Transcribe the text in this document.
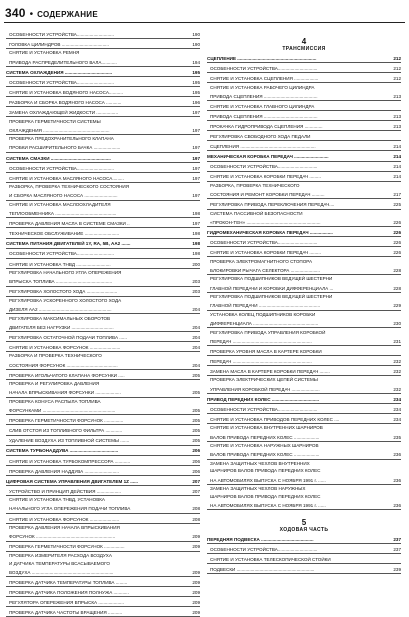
340 • СОДЕРЖАНИЕ
ОСОБЕННОСТИ УСТРОЙСТВА.............................	190
ГОЛОВКА ЦИЛИНДРОВ .....................................	190
СНЯТИЕ И УСТАНОВКА РЕМНЯ
ПРИВОДА РАСПРЕДЕЛИТЕЛЬНОГО ВАЛА............	194
СИСТЕМА ОХЛАЖДЕНИЯ .....................................	195
ОСОБЕННОСТИ УСТРОЙСТВА.............................	195
СНЯТИЕ И УСТАНОВКА ВОДЯНОГО НАСОСА...........	195
РАЗБОРКА И СБОРКА ВОДЯНОГО НАСОСА ............	196
ЗАМЕНА ОХЛАЖДАЮЩЕЙ ЖИДКОСТИ .................	197
ПРОВЕРКА ГЕРМЕТИЧНОСТИ СИСТЕМЫ
ОХЛАЖДЕНИЯ ....................................................	197
ПРОВЕРКА ПРЕДОХРАНИТЕЛЬНОГО КЛАПАНА
ПРОБКИ РАСШИРИТЕЛЬНОГО БАЧКА .....................	197
СИСТЕМА СМАЗКИ ...............................................	197
ОСОБЕННОСТИ УСТРОЙСТВА.............................	197
СНЯТИЕ И УСТАНОВКА МАСЛЯНОГО НАСОСА.........	197
РАЗБОРКА, ПРОВЕРКА ТЕХНИЧЕСКОГО СОСТОЯНИЯ
И СБОРКА МАСЛЯНОГО НАСОСА ..........................	197
СНЯТИЕ И УСТАНОВКА МАСЛООХЛАДИТЕЛЯ
ТЕПЛООБМЕННИКА ................................................	198
ПРОВЕРКА ДАВЛЕНИЯ МАСЛА В СИСТЕМЕ СМАЗКИ ..	197
ТЕХНИЧЕСКОЕ ОБСЛУЖИВАНИЕ ...........................	198
СИСТЕМА ПИТАНИЯ ДВИГАТЕЛЕЙ 1Y, RA, 5В, АА2 .......	198
ОСОБЕННОСТИ УСТРОЙСТВА.............................	198
СНЯТИЕ И УСТАНОВКА ТНВД ...........................	200
РЕГУЛИРОВКА НАЧАЛЬНОГО УГЛА ОПЕРЕЖЕНИЯ
ВПРЫСКА ТОПЛИВА ............................................	203
РЕГУЛИРОВКА ХОЛОСТОГО ХОДА ........................	203
РЕГУЛИРОВКА УСКОРЕННОГО ХОЛОСТОГО ХОДА
ДИЗЕЛЯ АА2 .........................................................	204
РЕГУЛИРОВКА МАКСИМАЛЬНЫХ ОБОРОТОВ
ДВИГАТЕЛЯ БЕЗ НАГРУЗКИ .................................	204
РЕГУЛИРОВКА ОСТАТОЧНОЙ ПОДАЧИ ТОПЛИВА ......	204
СНЯТИЕ И УСТАНОВКА ФОРСУНОК ........................	204
РАЗБОРКА И ПРОВЕРКА ТЕХНИЧЕСКОГО
СОСТОЯНИЯ ФОРСУНОК ........................................	204
ПРОВЕРКА ИГОЛЬЧАТОГО КЛАПАНА ФОРСУНКИ .....	205
ПРОВЕРКА И РЕГУЛИРОВКА ДАВЛЕНИЯ
НАЧАЛА ВПРЫСКИВАНИЯ ФОРСУНКИ ....................	205
ПРОВЕРКА КОНУСА РАСПЫЛА ТОПЛИВА
ФОРСУНКАМИ .........................................................	205
ПРОВЕРКА ГЕРМЕТИЧНОСТИ ФОРСУНОК ...............	205
СЛИВ ОТСТОЯ ИЗ ТОПЛИВНОГО ФИЛЬТРА .............	205
УДАЛЕНИЕ ВОЗДУХА ИЗ ТОПЛИВНОЙ СИСТЕМЫ .......	205
СИСТЕМА ТУРБОНАДДУВА ......................................	206
СНЯТИЕ И УСТАНОВКА ТУРБОКОМПРЕССОРА ............	206
ПРОВЕРКА ДАВЛЕНИЯ НАДДУВА ...........................	206
ЦИФРОВАЯ СИСТЕМА УПРАВЛЕНИЯ ДВИГАТЕЛЕМ 1Z ......	207
УСТРОЙСТВО И ПРИНЦИП ДЕЙСТВИЯ ...................	207
СНЯТИЕ И УСТАНОВКА ТНВД, УСТАНОВКА
НАЧАЛЬНОГО УГЛА ОПЕРЕЖЕНИЯ ПОДАЧИ ТОПЛИВА	208
СНЯТИЕ И УСТАНОВКА ФОРСУНОК .......................	208
ПРОВЕРКА ДАВЛЕНИЯ НАЧАЛА ВПРЫСКИВАНИЯ
ФОРСУНОК ..............................................................	209
ПРОВЕРКА ГЕРМЕТИЧНОСТИ ФОРСУНОК ................	209
ПРОВЕРКА ИЗМЕРИТЕЛЯ РАСХОДА ВОЗДУХА
И ДАТЧИКА ТЕМПЕРАТУРЫ ВСАСЫВАЕМОГО
ВОЗДУХА ................................................................	209
ПРОВЕРКА ДАТЧИКА ТЕМПЕРАТУРЫ ТОПЛИВА .........	209
ПРОВЕРКА ДАТЧИКА ПОЛОЖЕНИЯ ПОЛНУЖА ............	209
РЕГУЛЯТОРА ОПЕРЕЖЕНИЯ ВПРЫСКА ....................	209
ПРОВЕРКА ДАТЧИКА ЧАСТОТЫ ВРАЩЕНИЯ ...........	209
4
ТРАНСМИССИЯ
СЦЕПЛЕНИЕ ..............................................................	212
ОСОБЕННОСТИ УСТРОЙСТВА...............................	212
СНЯТИЕ И УСТАНОВКА СЦЕПЛЕНИЯ ...................	212
СНЯТИЕ И УСТАНОВКА РАБОЧЕГО ЦИЛИНДРА
ПРИВОДА СЦЕПЛЕНИЯ ..........................................	213
СНЯТИЕ И УСТАНОВКА ГЛАВНОГО ЦИЛИНДРА
ПРИВОДА СЦЕПЛЕНИЯ ..........................................	213
ПРОКАЧКА ГИДРОПРИВОДА СЦЕПЛЕНИЯ ..............	213
РЕГУЛИРОВКА СВОБОДНОГО ХОДА ПЕДАЛИ
СЦЕПЛЕНИЯ ...........................................................	214
МЕХАНИЧЕСКАЯ КОРОБКА ПЕРЕДАЧ ...........................	214
ОСОБЕННОСТИ УСТРОЙСТВА...............................	214
СНЯТИЕ И УСТАНОВКА КОРОБКИ ПЕРЕДАЧ .........	214
РАЗБОРКА, ПРОВЕРКА ТЕХНИЧЕСКОГО
СОСТОЯНИЯ И РЕМОНТ КОРОБКИ ПЕРЕДАЧ ..........	217
РЕГУЛИРОВКА ПРИВОДА ПЕРЕКЛЮЧЕНИЯ ПЕРЕДАЧ....	225
СИСТЕМА ПАССИВНОЙ БЕЗОПАСНОСТИ
«ПРОКОН-ТЕН» ..........................................................	226
ГИДРОМЕХАНИЧЕСКАЯ КОРОБКА ПЕРЕДАЧ ..................	226
ОСОБЕННОСТИ УСТРОЙСТВА...............................	226
СНЯТИЕ И УСТАНОВКА КОРОБКИ ПЕРЕДАЧ .........	226
ПРОВЕРКА ЭЛЕКТРОМАГНИТНОГО СТОПОРА
БЛОКИРОВКИ РЫЧАГА СЕЛЕКТОРА .......................	228
РЕГУЛИРОВКА ПОДШИПНИКОВ ВЕДУЩЕЙ ШЕСТЕРНИ
ГЛАВНОЙ ПЕРЕДАЧИ И КОРОБКИ ДИФФЕРЕНЦИАЛА ...	228
РЕГУЛИРОВКА ПОДШИПНИКОВ ВЕДУЩЕЙ ШЕСТЕРНИ
ГЛАВНОЙ ПЕРЕДАЧИ ................................................	229
УСТАНОВКА КОЛЕЦ ПОДШИПНИКОВ КОРОБКИ
ДИФФЕРЕНЦИАЛА ...................................................	230
РЕГУЛИРОВКА ПРИВОДА УПРАВЛЕНИЯ КОРОБКОЙ
ПЕРЕДАЧ ..............................................................	231
ПРОВЕРКА УРОВНЯ МАСЛА В КАРТЕРЕ КОРОБКИ
ПЕРЕДАЧ ..............................................................	232
ЗАМЕНА МАСЛА В КАРТЕРЕ КОРОБКИ ПЕРЕДАЧ ........	232
ПРОВЕРКА ЭЛЕКТРИЧЕСКИХ ЦЕПЕЙ СИСТЕМЫ
УПРАВЛЕНИЯ КОРОБКОЙ ПЕРЕДАЧ ......................	232
ПРИВОД ПЕРЕДНИХ КОЛЕС .....................................	234
ОСОБЕННОСТИ УСТРОЙСТВА...............................	234
СНЯТИЕ И УСТАНОВКА ПРИВОДОВ ПЕРЕДНИХ КОЛЕС ....	234
СНЯТИЕ И УСТАНОВКА ВНУТРЕННИХ ШАРНИРОВ
ВАЛОВ ПРИВОДА ПЕРЕДНИХ КОЛЕС ....................	235
СНЯТИЕ И УСТАНОВКА НАРУЖНЫХ ШАРНИРОВ
ВАЛОВ ПРИВОДА ПЕРЕДНИХ КОЛЕС ....................	236
ЗАМЕНА ЗАЩИТНЫХ ЧЕХЛОВ ВНУТРЕННИХ
ШАРНИРОВ ВАЛОВ ПРИВОДА ПЕРЕДНИХ КОЛЕС
НА АВТОМОБИЛЯХ ВЫПУСКА С НОЯБРЯ 1991 г. ......	236
ЗАМЕНА ЗАЩИТНЫХ ЧЕХЛОВ НАРУЖНЫХ
ШАРНИРОВ ВАЛОВ ПРИВОДА ПЕРЕДНИХ КОЛЕС
НА АВТОМОБИЛЯХ ВЫПУСКА С НОЯБРЯ 1991 г. ......	236
5
ХОДОВАЯ ЧАСТЬ
ПЕРЕДНЯЯ ПОДВЕСКА .........................................	237
ОСОБЕННОСТИ УСТРОЙСТВА...............................	237
СНЯТИЕ И УСТАНОВКА ТЕЛЕСКОПИЧЕСКОЙ СТОЙКИ
ПОДВЕСКИ .............................................................	239
